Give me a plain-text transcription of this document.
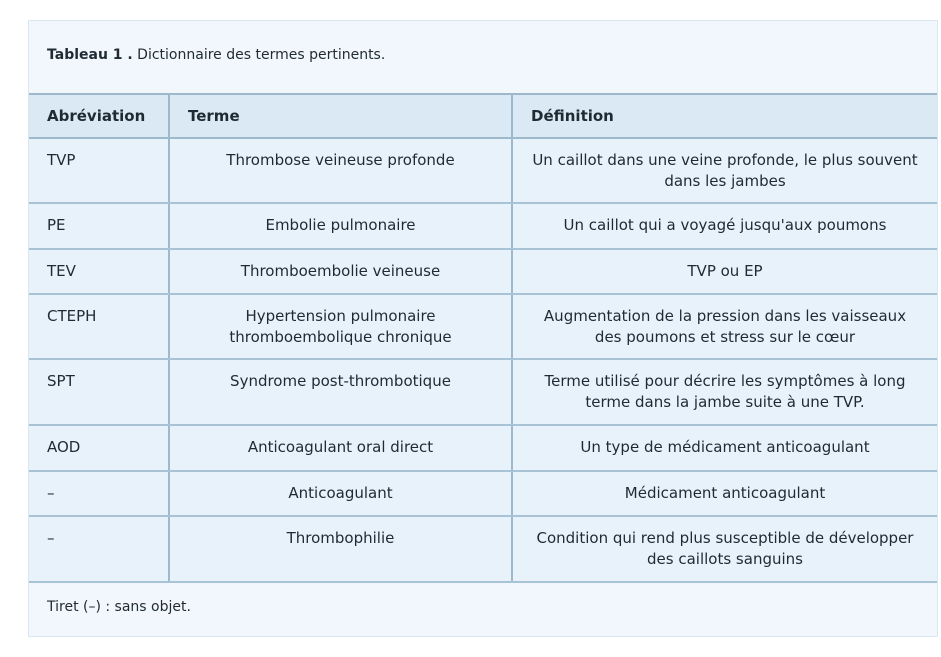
Tableau 1 . Dictionnaire des termes pertinents.
Abréviation	Terme	Définition
TVP	Thrombose veineuse profonde	Un caillot dans une veine profonde, le plus souvent dans les jambes
PE	Embolie pulmonaire	Un caillot qui a voyagé jusqu'aux poumons
TEV	Thromboembolie veineuse	TVP ou EP
CTEPH	Hypertension pulmonaire thromboembolique chronique	Augmentation de la pression dans les vaisseaux des poumons et stress sur le cœur
SPT	Syndrome post-thrombotique	Terme utilisé pour décrire les symptômes à long terme dans la jambe suite à une TVP.
AOD	Anticoagulant oral direct	Un type de médicament anticoagulant
–	Anticoagulant	Médicament anticoagulant
–	Thrombophilie	Condition qui rend plus susceptible de développer des caillots sanguins
Tiret (–) : sans objet.
